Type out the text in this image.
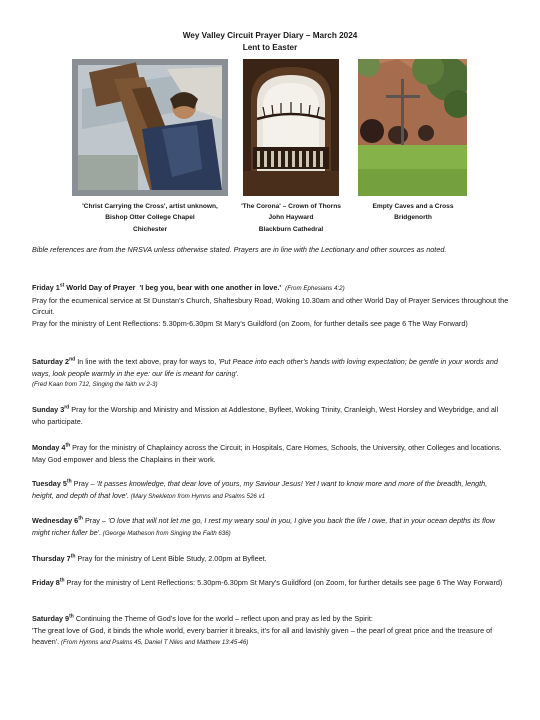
Wey Valley Circuit Prayer Diary – March 2024
Lent to Easter
'Christ Carrying the Cross', artist unknown,
Bishop Otter College Chapel
Chichester
'The Corona' – Crown of Thorns
John Hayward
Blackburn Cathedral
Empty Caves and a Cross
Bridgenorth
Bible references are from the NRSVA unless otherwise stated. Prayers are in line with the Lectionary and other sources as noted.

Friday 1st World Day of Prayer 'I beg you, bear with one another in love.' (From Ephesians 4:2)

Pray for the ecumenical service at St Dunstan's Church, Shaftesbury Road, Woking 10.30am and other World Day of Prayer Services throughout the Circuit.

Pray for the ministry of Lent Reflections: 5.30pm-6.30pm St Mary's Guildford (on Zoom, for further details see page 6 The Way Forward)

Saturday 2nd In line with the text above, pray for ways to, 'Put Peace into each other's hands with loving expectation; be gentle in your words and ways, look people warmly in the eye: our life is meant for caring'.

(Fred Kaan from 712, Singing the faith vv 2-3)

Sunday 3rd Pray for the Worship and Ministry and Mission at Addlestone, Byfleet, Woking Trinity, Cranleigh, West Horsley and Weybridge, and all who participate.

Monday 4th Pray for the ministry of Chaplaincy across the Circuit; in Hospitals, Care Homes, Schools, the University, other Colleges and locations. May God empower and bless the Chaplains in their work.

Tuesday 5th Pray – 'It passes knowledge, that dear love of yours, my Saviour Jesus! Yet I want to know more and more of the breadth, length, height, and depth of that love'. (Mary Shekleton from Hymns and Psalms 526 v1

Wednesday 6th Pray – 'O love that will not let me go, I rest my weary soul in you, I give you back the life I owe, that in your ocean depths its flow might richer fuller be'. (George Matheson from Singing the Faith 636)

Thursday 7th Pray for the ministry of Lent Bible Study, 2.00pm at Byfleet.

Friday 8th Pray for the ministry of Lent Reflections: 5.30pm-6.30pm St Mary's Guildford (on Zoom, for further details see page 6 The Way Forward)

Saturday 9th Continuing the Theme of God's love for the world – reflect upon and pray as led by the Spirit:

'The great love of God, it binds the whole world, every barrier it breaks, it's for all and lavishly given – the pearl of great price and the treasure of heaven'. (From Hymns and Psalms 45, Daniel T Niles and Matthew 13:45-46)
